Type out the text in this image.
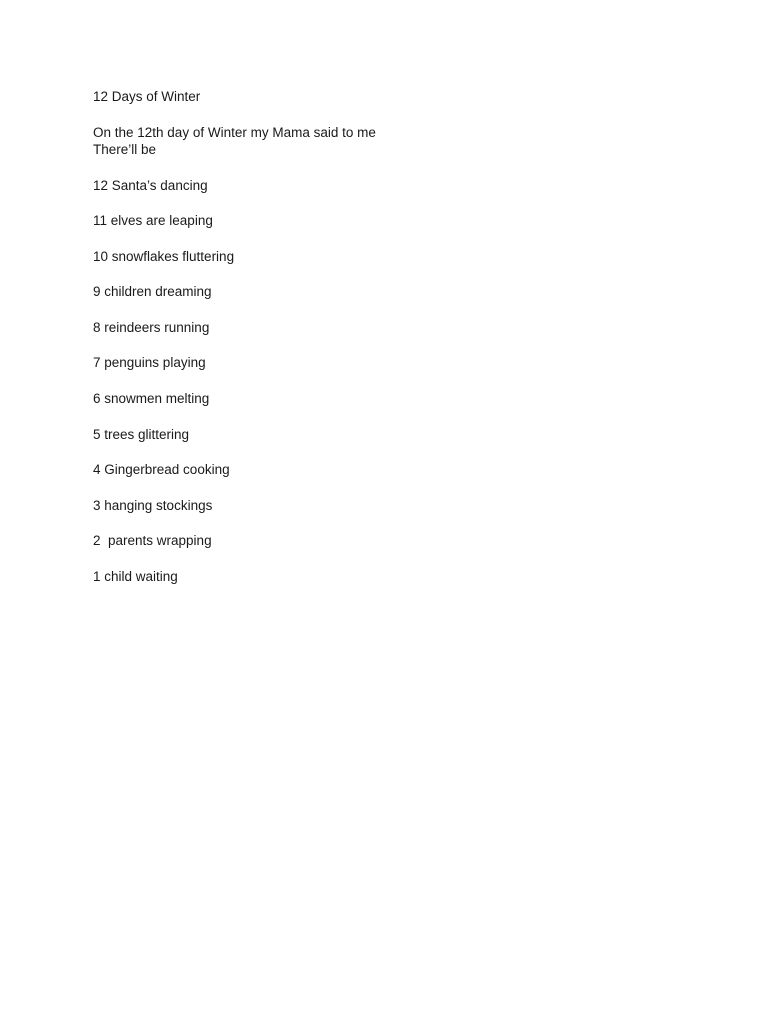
12 Days of Winter
On the 12th day of Winter my Mama said to me
There’ll be
12 Santa’s dancing
11 elves are leaping
10 snowflakes fluttering
9 children dreaming
8 reindeers running
7 penguins playing
6 snowmen melting
5 trees glittering
4 Gingerbread cooking
3 hanging stockings
2  parents wrapping
1 child waiting
